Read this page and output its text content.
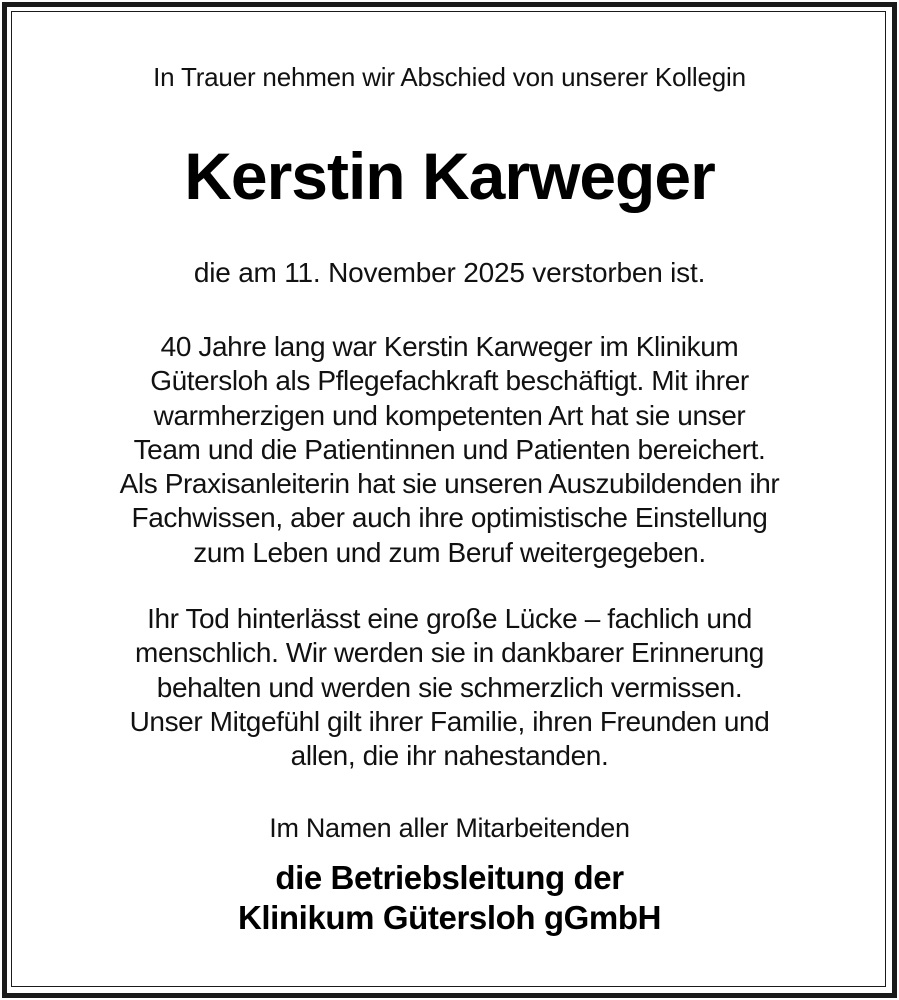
In Trauer nehmen wir Abschied von unserer Kollegin
Kerstin Karweger
die am 11. November 2025 verstorben ist.
40 Jahre lang war Kerstin Karweger im Klinikum
Gütersloh als Pflegefachkraft beschäftigt. Mit ihrer
warmherzigen und kompetenten Art hat sie unser
Team und die Patientinnen und Patienten bereichert.
Als Praxisanleiterin hat sie unseren Auszubildenden ihr
Fachwissen, aber auch ihre optimistische Einstellung
zum Leben und zum Beruf weitergegeben.
Ihr Tod hinterlässt eine große Lücke – fachlich und
menschlich. Wir werden sie in dankbarer Erinnerung
behalten und werden sie schmerzlich vermissen.
Unser Mitgefühl gilt ihrer Familie, ihren Freunden und
allen, die ihr nahestanden.
Im Namen aller Mitarbeitenden
die Betriebsleitung der
Klinikum Gütersloh gGmbH
